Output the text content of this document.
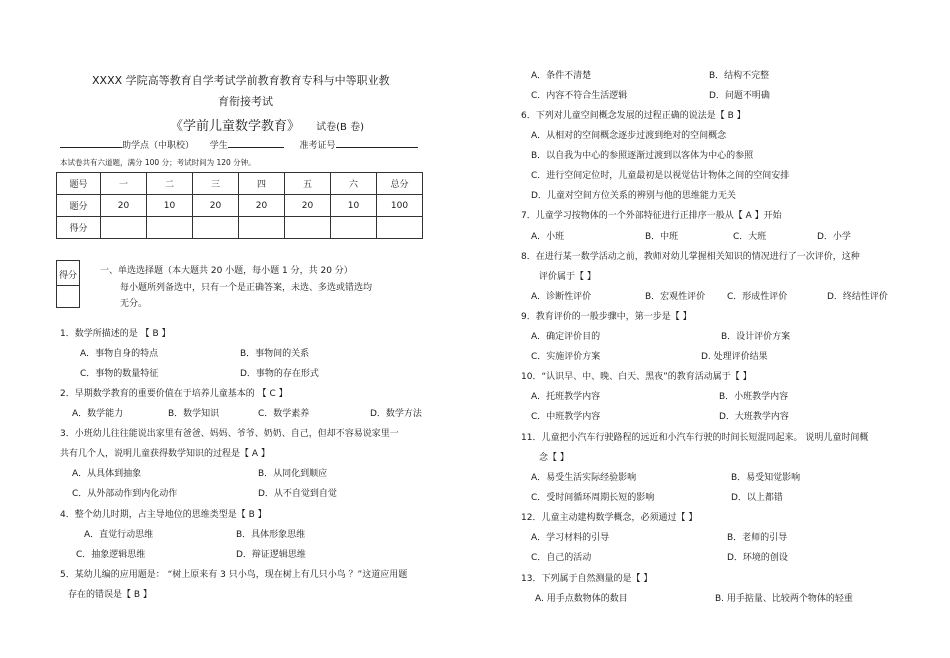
XXXX 学院高等教育自学考试学前教育教育专科与中等职业教
育衔接考试
《学前儿童数学教育》 试卷(B 卷)
助学点（中职校） 学生	准考证号
本试卷共有六道题，满分 100 分；考试时间为 120 分钟。
题号	一	二	三	四	五	六	总分
题分	20	10	20	20	20	10	100
得分							
得分	一、单选选择题（本大题共 20 小题，每小题 1 分，共 20 分）
每小题所列备选中，只有一个是正确答案，未选、多选或错选均
无分。
1．数学所描述的是 【 B 】
A．事物自身的特点	B．事物间的关系
C．事物的数量特征	D．事物的存在形式
2．早期数学教育的重要价值在于培养儿童基本的 【 C 】
A．数学能力	B．数学知识	C．数学素养	D．数学方法
3．小班幼儿往往能说出家里有爸爸、妈妈、爷爷、奶奶、自己，但却不容易说家里一
共有几个人，说明儿童获得数学知识的过程是【 A 】
A．从具体到抽象	B．从同化到顺应
C．从外部动作到内化动作	D．从不自觉到自觉
4．整个幼儿时期，占主导地位的思维类型是【 B 】
A．直觉行动思维	B．具体形象思维
C．抽象逻辑思维	D．辩证逻辑思维
5．某幼儿编的应用题是： “树上原来有 3 只小鸟，现在树上有几只小鸟 ？”这道应用题
存在的错误是【 B 】
A．条件不清楚	B．结构不完整
C．内容不符合生活逻辑	D．问题不明确
6．下列对儿童空间概念发展的过程正确的说法是【 B 】
A．从相对的空间概念逐步过渡到绝对的空间概念
B．以自我为中心的参照逐渐过渡到以客体为中心的参照
C．进行空间定位时，儿童最初是以视觉估计物体之间的空间安排
D．儿童对空间方位关系的辨别与他的思维能力无关
7．儿童学习按物体的一个外部特征进行正排序一般从【 A 】开始
A．小班	B．中班	C．大班	D．小学
8．在进行某一数学活动之前，教师对幼儿掌握相关知识的情况进行了一次评价，这种
评价属于【 】
A．诊断性评价	B．宏观性评价 C．形成性评价	D．终结性评价
9．教育评价的一般步骤中，第一步是【 】
A．确定评价目的	B．设计评价方案
C．实施评价方案	D. 处理评价结果
10．“认识早、中、晚、白天、黑夜”的教育活动属于【 】
A．托班教学内容	B．小班教学内容
C．中班教学内容	D．大班教学内容
11．儿童把小汽车行驶路程的远近和小汽车行驶的时间长短混同起来。 说明儿童时间概
念【 】
A．易受生活实际经验影响	B．易受知觉影响
C．受时间循环周期长短的影响	D．以上都错
12．儿童主动建构数学概念，必须通过【 】
A．学习材料的引导	B．老师的引导
C．自己的活动	D．环境的创设
13．下列属于自然测量的是【 】
A. 用手点数物体的数目	B. 用手掂量、比较两个物体的轻重
